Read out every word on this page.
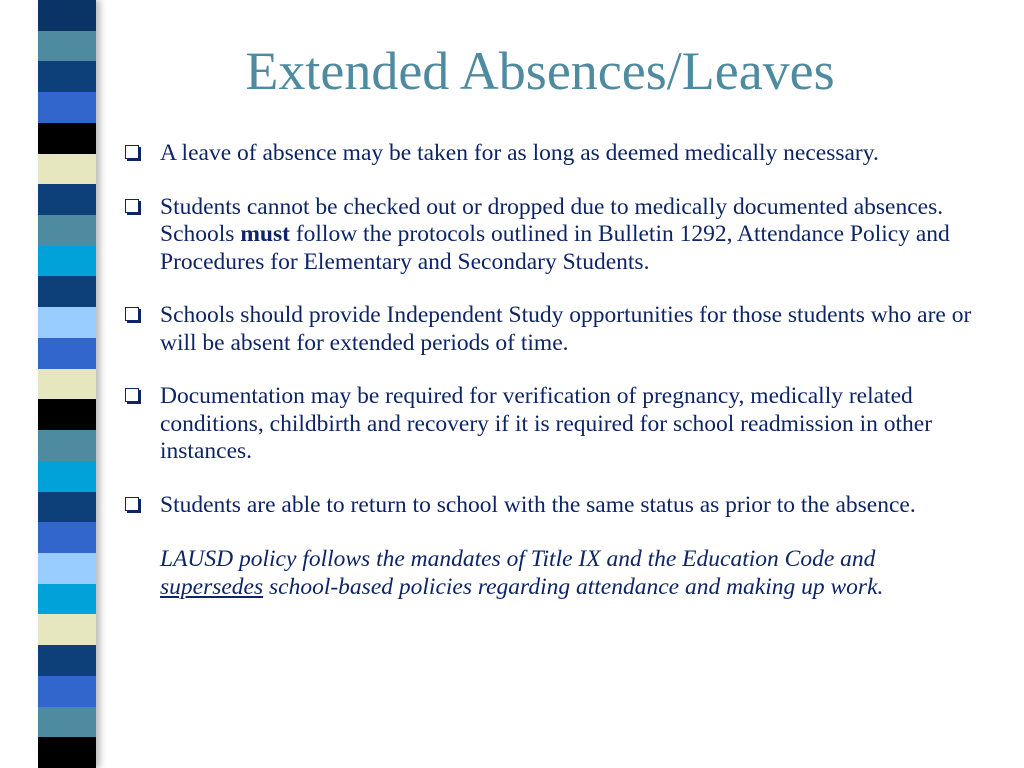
Extended Absences/Leaves

A leave of absence may be taken for as long as deemed medically necessary.

Students cannot be checked out or dropped due to medically documented absences. Schools must follow the protocols outlined in Bulletin 1292, Attendance Policy and Procedures for Elementary and Secondary Students.

Schools should provide Independent Study opportunities for those students who are or will be absent for extended periods of time.

Documentation may be required for verification of pregnancy, medically related conditions, childbirth and recovery if it is required for school readmission in other instances.

Students are able to return to school with the same status as prior to the absence.

LAUSD policy follows the mandates of Title IX and the Education Code and supersedes school-based policies regarding attendance and making up work.
